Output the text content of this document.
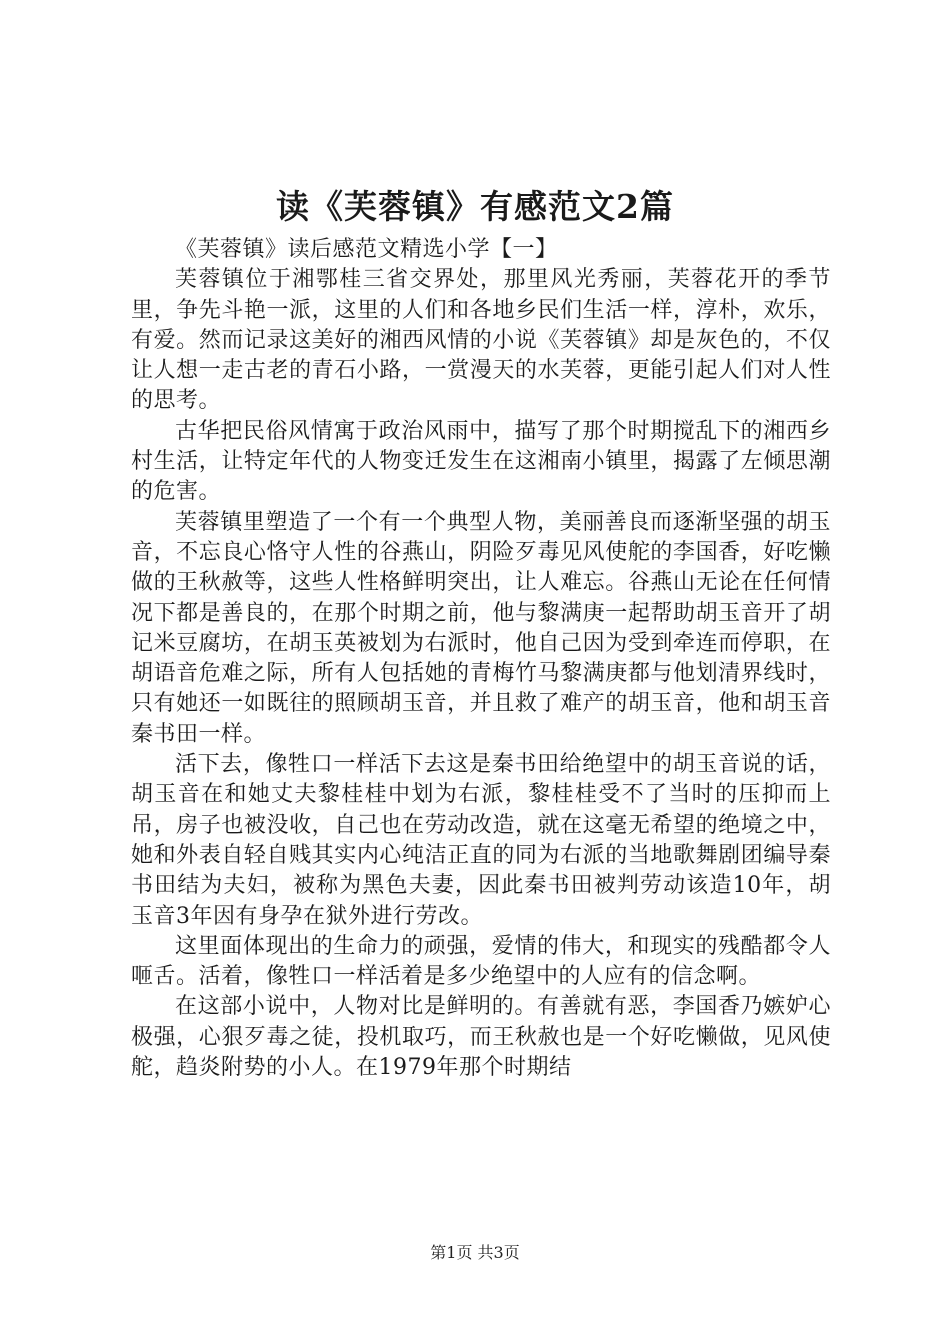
读《芙蓉镇》有感范文2篇

《芙蓉镇》读后感范文精选小学【一】

芙蓉镇位于湘鄂桂三省交界处，那里风光秀丽，芙蓉花开的季节里，争先斗艳一派，这里的人们和各地乡民们生活一样，淳朴，欢乐，有爱。然而记录这美好的湘西风情的小说《芙蓉镇》却是灰色的，不仅让人想一走古老的青石小路，一赏漫天的水芙蓉，更能引起人们对人性的思考。

古华把民俗风情寓于政治风雨中，描写了那个时期搅乱下的湘西乡村生活，让特定年代的人物变迁发生在这湘南小镇里，揭露了左倾思潮的危害。

芙蓉镇里塑造了一个有一个典型人物，美丽善良而逐渐坚强的胡玉音，不忘良心恪守人性的谷燕山，阴险歹毒见风使舵的李国香，好吃懒做的王秋赦等，这些人性格鲜明突出，让人难忘。谷燕山无论在任何情况下都是善良的，在那个时期之前，他与黎满庚一起帮助胡玉音开了胡记米豆腐坊，在胡玉英被划为右派时，他自己因为受到牵连而停职，在胡语音危难之际，所有人包括她的青梅竹马黎满庚都与他划清界线时，只有她还一如既往的照顾胡玉音，并且救了难产的胡玉音，他和胡玉音秦书田一样。

活下去，像牲口一样活下去这是秦书田给绝望中的胡玉音说的话，胡玉音在和她丈夫黎桂桂中划为右派，黎桂桂受不了当时的压抑而上吊，房子也被没收，自己也在劳动改造，就在这毫无希望的绝境之中，她和外表自轻自贱其实内心纯洁正直的同为右派的当地歌舞剧团编导秦书田结为夫妇，被称为黑色夫妻，因此秦书田被判劳动该造10年，胡玉音3年因有身孕在狱外进行劳改。

这里面体现出的生命力的顽强，爱情的伟大，和现实的残酷都令人咂舌。活着，像牲口一样活着是多少绝望中的人应有的信念啊。

在这部小说中，人物对比是鲜明的。有善就有恶，李国香乃嫉妒心极强，心狠歹毒之徒，投机取巧，而王秋赦也是一个好吃懒做，见风使舵，趋炎附势的小人。在1979年那个时期结

第1页 共3页
